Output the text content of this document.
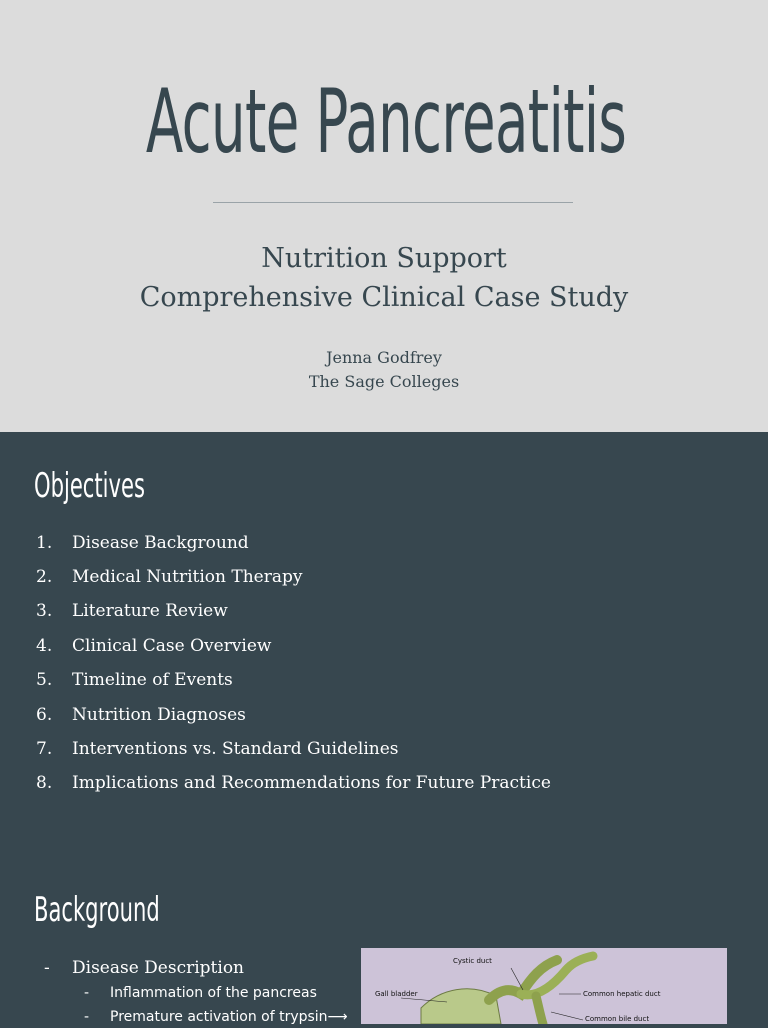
Acute Pancreatitis
Nutrition Support
Comprehensive Clinical Case Study
Jenna Godfrey
The Sage Colleges
Objectives
1.	Disease Background
2.	Medical Nutrition Therapy
3.	Literature Review
4.	Clinical Case Overview
5.	Timeline of Events
6.	Nutrition Diagnoses
7.	Interventions vs. Standard Guidelines
8.	Implications and Recommendations for Future Practice
Background
- Disease Description
- Inflammation of the pancreas
- Premature activation of trypsin⟶
Cystic duct
Gall bladder	Common hepatic duct
Common bile duct
